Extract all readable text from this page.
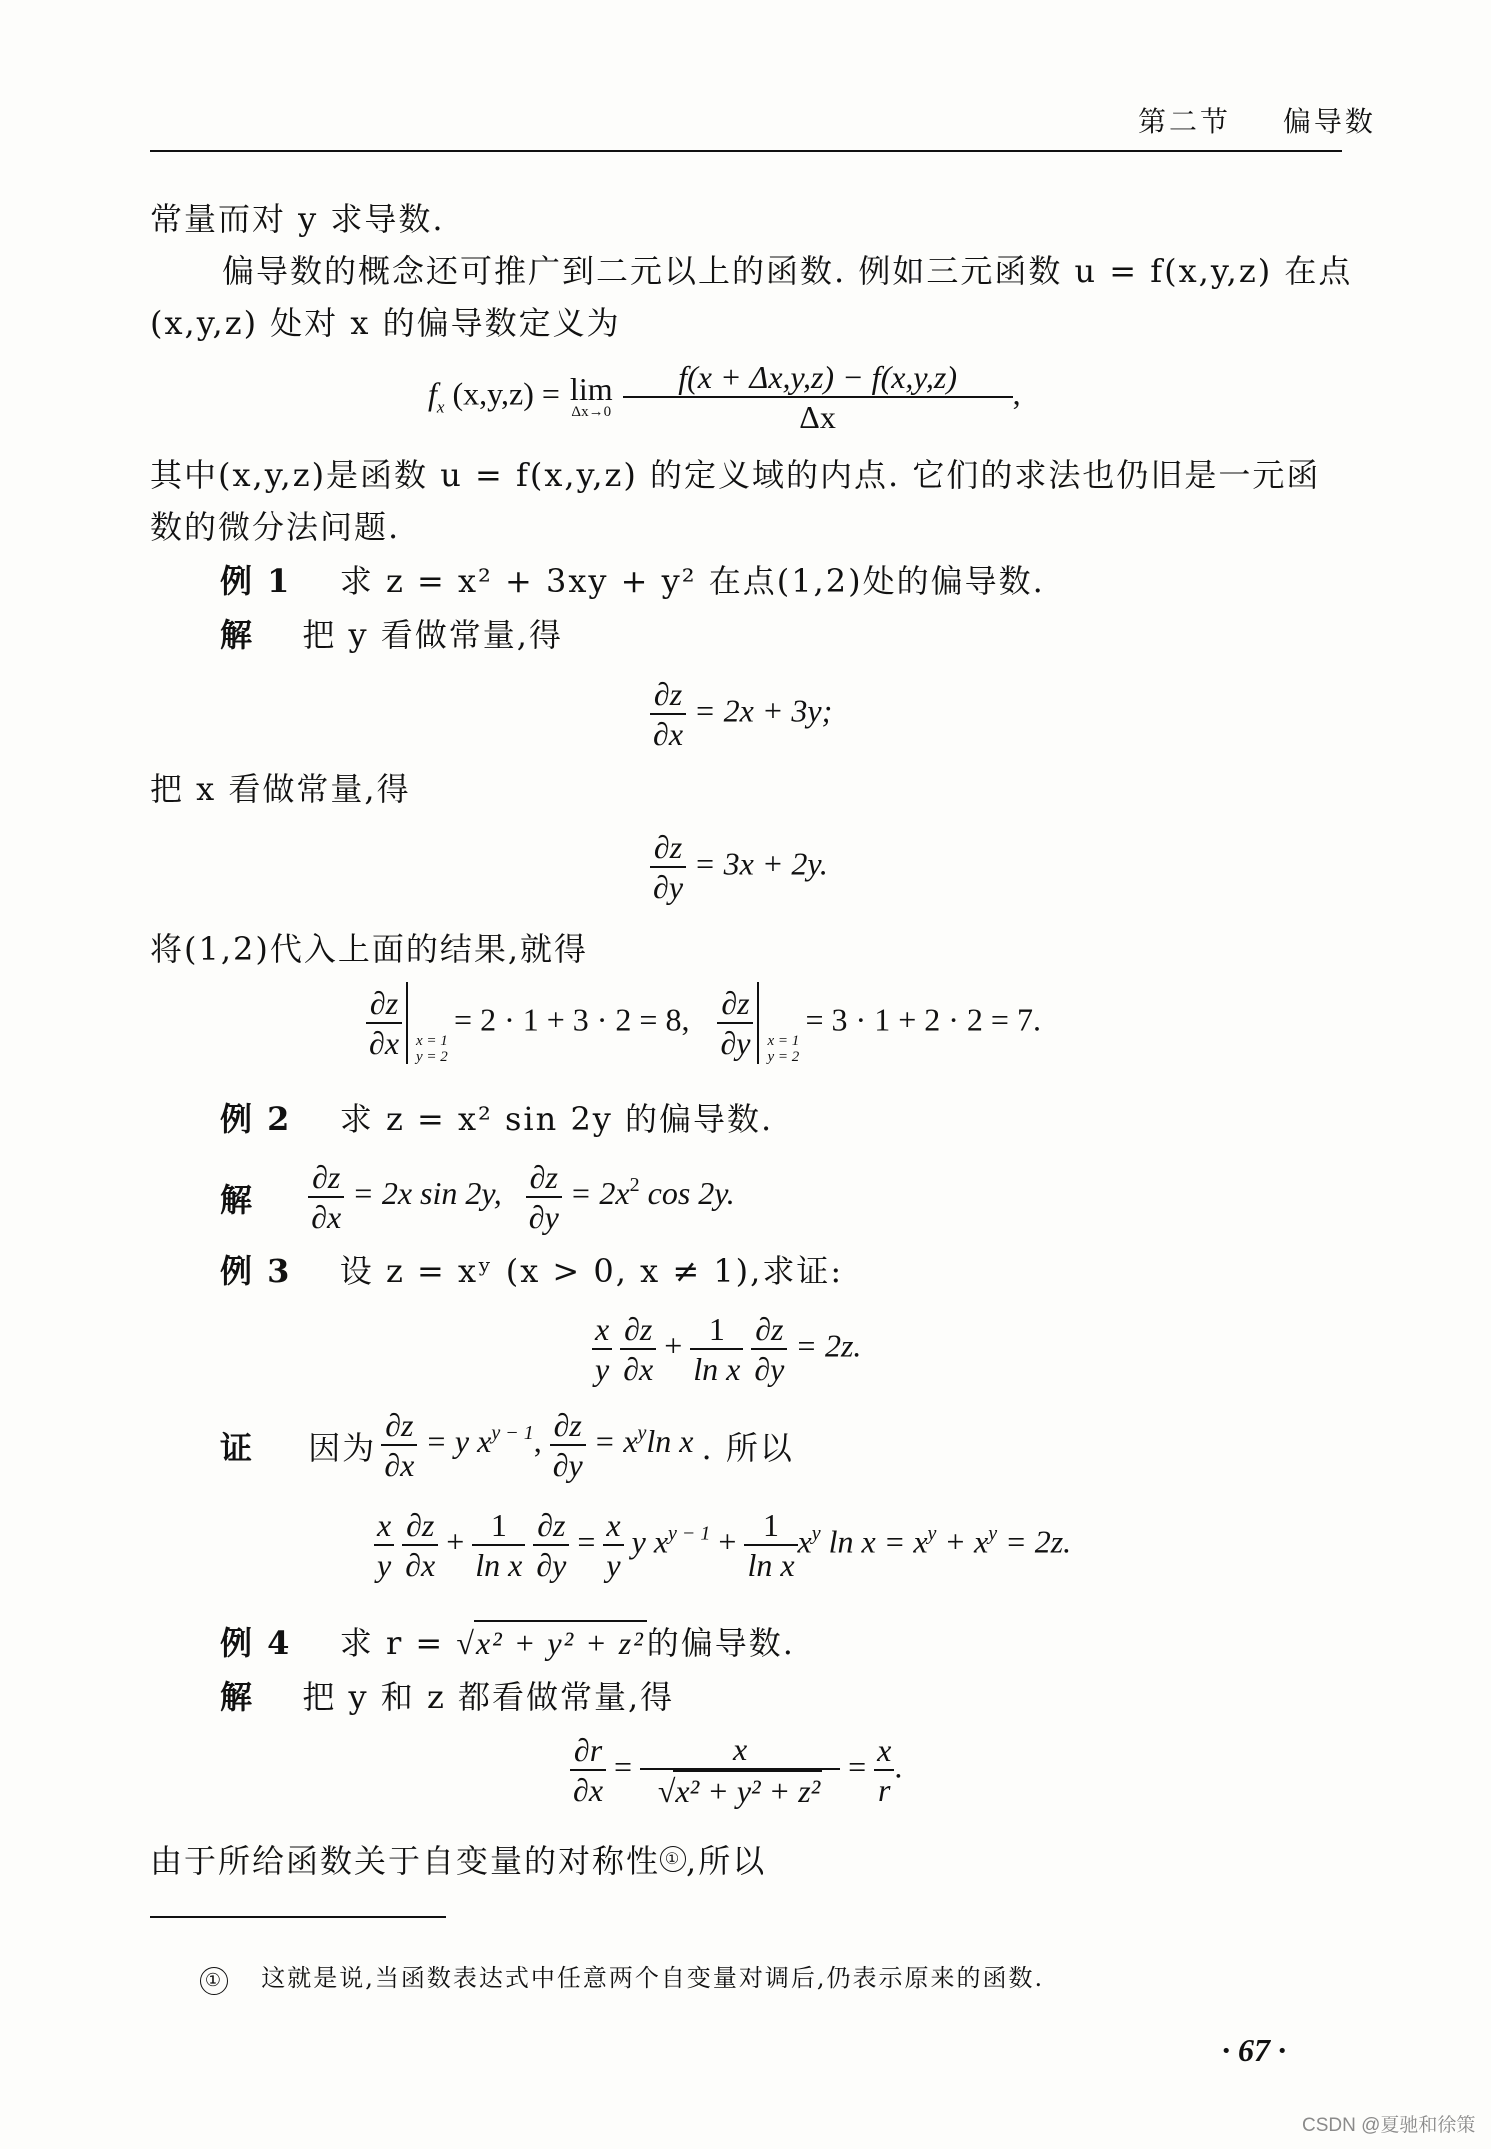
第二节 偏导数
常量而对 y 求导数.
偏导数的概念还可推广到二元以上的函数. 例如三元函数 u = f(x,y,z) 在点
(x,y,z) 处对 x 的偏导数定义为
$f_x$ (x,y,z) = lim
Δx→0
$\frac{f(x + \Delta x,y,z) - f(x,y,z)}{\Delta x}$ ,
其中(x,y,z)是函数 u = f(x,y,z) 的定义域的内点. 它们的求法也仍旧是一元函
数的微分法问题.
例 1 求 z = x² + 3xy + y² 在点(1,2)处的偏导数.
解 把 y 看做常量,得
$\frac{\partial z}{\partial x} = 2x + 3y$;
把 x 看做常量,得
$\frac{\partial z}{\partial y} = 3x + 2y$.
将(1,2)代入上面的结果,就得
$\frac{\partial z}{\partial x}$ x = 1
y = 2
= 2 · 1 + 3 · 2 = 8, $\frac{\partial z}{\partial y}$ x = 1
y = 2
= 3 · 1 + 2 · 2 = 7.
例 2 求 z = x² sin 2y 的偏导数.
解 $\frac{\partial z}{\partial x} = 2x$ sin 2y, $\frac{\partial z}{\partial y} = 2x^2$ cos 2y.
例 3 设 z = xʸ (x > 0, x ≠ 1),求证:
$\frac{x}{y}$
$\frac{\partial z}{\partial x} + \frac{1}{\text{ln x}}$
$\frac{\partial z}{\partial y} = 2z$.
证 因为 $\frac{\partial z}{\partial x} = y$ $x^{y - 1}$, $\frac{\partial z}{\partial y} = x^y\ln$ x . 所以
$\frac{x}{y}$
$\frac{\partial z}{\partial x} + \frac{1}{\text{ln x}}$
$\frac{\partial z}{\partial y} = \frac{x}{y}$ y $x^{y - 1} + \frac{1}{\text{ln x}} x^y$ $\ln x = x^y + x^y = 2z$.
例 4 求 r = √x² + y² + z²的偏导数.
解 把 y 和 z 都看做常量,得
$\frac{\partial r}{\partial x} = \frac{x}{\text{√x² + y² + z²}} = \frac{x}{r}$ .
由于所给函数关于自变量的对称性 ① ,所以
① 这就是说,当函数表达式中任意两个自变量对调后,仍表示原来的函数.
· 67 ·
CSDN @夏驰和徐策
